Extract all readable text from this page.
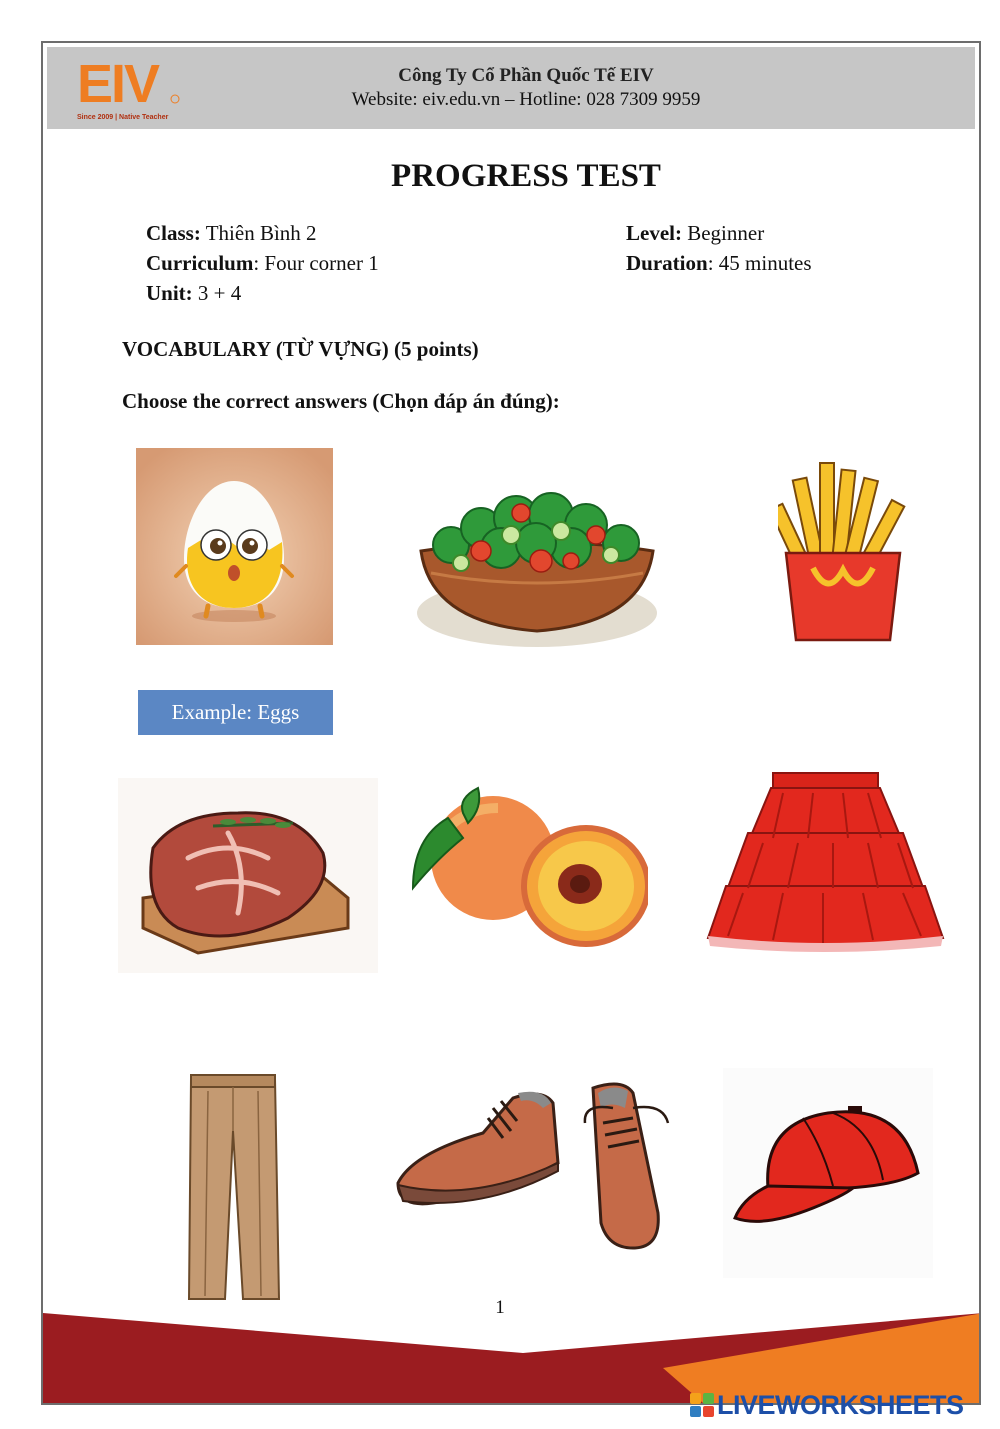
EIV
Since 2009 | Native Teacher
Công Ty Cổ Phần Quốc Tế EIV
Website: eiv.edu.vn – Hotline: 028 7309 9959
PROGRESS TEST
Class: Thiên Bình 2
Curriculum: Four corner 1
Unit: 3 + 4
Level: Beginner
Duration: 45 minutes
VOCABULARY (TỪ VỰNG) (5 points)
Choose the correct answers (Chọn đáp án đúng):
Example: Eggs
1
LIVEWORKSHEETS
